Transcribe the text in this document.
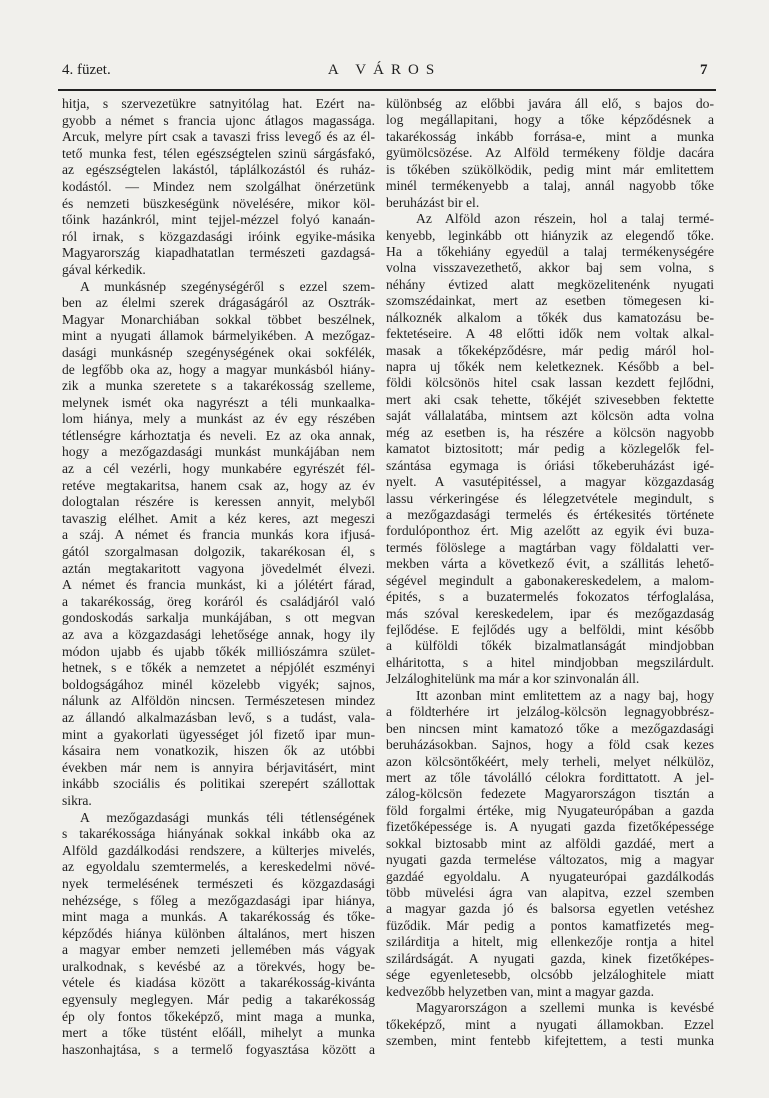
4. füzet.	A VÁROS	7
hitja, s szervezetükre satnyitólag hat. Ezért na-
gyobb a német s francia ujonc átlagos magassága.
Arcuk, melyre pírt csak a tavaszi friss levegő és az él-
tető munka fest, télen egészségtelen szinü sárgásfakó,
az egészségtelen lakástól, táplálkozástól és ruház-
kodástól. — Mindez nem szolgálhat önérzetünk
és nemzeti büszkeségünk növelésére, mikor köl-
tőink hazánkról, mint tejjel-mézzel folyó kanaán-
ról irnak, s közgazdasági iróink egyike-másika
Magyarország kiapadhatatlan természeti gazdagsá-
gával kérkedik.
A munkásnép szegénységéről s ezzel szem-
ben az élelmi szerek drágaságáról az Osztrák-
Magyar Monarchiában sokkal többet beszélnek,
mint a nyugati államok bármelyikében. A mezőgaz-
dasági munkásnép szegénységének okai sokfélék,
de legfőbb oka az, hogy a magyar munkásból hiány-
zik a munka szeretete s a takarékosság szelleme,
melynek ismét oka nagyrészt a téli munkaalka-
lom hiánya, mely a munkást az év egy részében
tétlenségre kárhoztatja és neveli. Ez az oka annak,
hogy a mezőgazdasági munkást munkájában nem
az a cél vezérli, hogy munkabére egyrészét fél-
retéve megtakaritsa, hanem csak az, hogy az év
dologtalan részére is keressen annyit, melyből
tavaszig elélhet. Amit a kéz keres, azt megeszi
a száj. A német és francia munkás kora ifjusá-
gától szorgalmasan dolgozik, takarékosan él, s
aztán megtakaritott vagyona jövedelmét élvezi.
A német és francia munkást, ki a jólétért fárad,
a takarékosság, öreg koráról és családjáról való
gondoskodás sarkalja munkájában, s ott megvan
az ava a közgazdasági lehetősége annak, hogy ily
módon ujabb és ujabb tőkék milliószámra szület-
hetnek, s e tőkék a nemzetet a népjólét eszményi
boldogságához minél közelebb vigyék; sajnos,
nálunk az Alföldön nincsen. Természetesen mindez
az állandó alkalmazásban levő, s a tudást, vala-
mint a gyakorlati ügyességet jól fizető ipar mun-
kásaira nem vonatkozik, hiszen ők az utóbbi
években már nem is annyira bérjavitásért, mint
inkább szociális és politikai szerepért szállottak
sikra.
A mezőgazdasági munkás téli tétlenségének
s takarékossága hiányának sokkal inkább oka az
Alföld gazdálkodási rendszere, a külterjes mivelés,
az egyoldalu szemtermelés, a kereskedelmi növé-
nyek termelésének természeti és közgazdasági
nehézsége, s főleg a mezőgazdasági ipar hiánya,
mint maga a munkás. A takarékosság és tőke-
képződés hiánya különben általános, mert hiszen
a magyar ember nemzeti jellemében más vágyak
uralkodnak, s kevésbé az a törekvés, hogy be-
vétele és kiadása között a takarékosság-kivánta
egyensuly meglegyen. Már pedig a takarékosság
ép oly fontos tőkeképző, mint maga a munka,
mert a tőke tüstént előáll, mihelyt a munka
haszonhajtása, s a termelő fogyasztása között a
különbség az előbbi javára áll elő, s bajos do-
log megállapitani, hogy a tőke képződésnek a
takarékosság inkább forrása-e, mint a munka
gyümölcsözése. Az Alföld termékeny földje dacára
is tőkében szükölködik, pedig mint már emlitettem
minél termékenyebb a talaj, annál nagyobb tőke
beruházást bir el.
Az Alföld azon részein, hol a talaj termé-
kenyebb, leginkább ott hiányzik az elegendő tőke.
Ha a tőkehiány egyedül a talaj termékenységére
volna visszavezethető, akkor baj sem volna, s
néhány évtized alatt megközelitenénk nyugati
szomszédainkat, mert az esetben tömegesen ki-
nálkoznék alkalom a tőkék dus kamatozásu be-
fektetéseire. A 48 előtti idők nem voltak alkal-
masak a tőkeképződésre, már pedig máról hol-
napra uj tőkék nem keletkeznek. Később a bel-
földi kölcsönös hitel csak lassan kezdett fejlődni,
mert aki csak tehette, tőkéjét szivesebben fektette
saját vállalatába, mintsem azt kölcsön adta volna
még az esetben is, ha részére a kölcsön nagyobb
kamatot biztositott; már pedig a közlegelők fel-
szántása egymaga is óriási tőkeberuházást igé-
nyelt. A vasutépitéssel, a magyar közgazdaság
lassu vérkeringése és lélegzetvétele megindult, s
a mezőgazdasági termelés és értékesités története
fordulóponthoz ért. Mig azelőtt az egyik évi buza-
termés fölöslege a magtárban vagy földalatti ver-
mekben várta a következő évit, a szállitás lehető-
ségével megindult a gabonakereskedelem, a malom-
épités, s a buzatermelés fokozatos térfoglalása,
más szóval kereskedelem, ipar és mezőgazdaság
fejlődése. E fejlődés ugy a belföldi, mint később
a külföldi tőkék bizalmatlanságát mindjobban
elháritotta, s a hitel mindjobban megszilárdult.
Jelzáloghitelünk ma már a kor szinvonalán áll.
Itt azonban mint emlitettem az a nagy baj, hogy
a földterhére irt jelzálog-kölcsön legnagyobbrész-
ben nincsen mint kamatozó tőke a mezőgazdasági
beruházásokban. Sajnos, hogy a föld csak kezes
azon kölcsöntőkéért, mely terheli, melyet nélkülöz,
mert az tőle távolálló célokra fordittatott. A jel-
zálog-kölcsön fedezete Magyarországon tisztán a
föld forgalmi értéke, mig Nyugateurópában a gazda
fizetőképessége is. A nyugati gazda fizetőképessége
sokkal biztosabb mint az alföldi gazdáé, mert a
nyugati gazda termelése változatos, mig a magyar
gazdáé egyoldalu. A nyugateurópai gazdálkodás
több müvelési ágra van alapitva, ezzel szemben
a magyar gazda jó és balsorsa egyetlen vetéshez
füződik. Már pedig a pontos kamatfizetés meg-
szilárditja a hitelt, mig ellenkezője rontja a hitel
szilárdságát. A nyugati gazda, kinek fizetőképes-
sége egyenletesebb, olcsóbb jelzáloghitele miatt
kedvezőbb helyzetben van, mint a magyar gazda.
Magyarországon a szellemi munka is kevésbé
tőkeképző, mint a nyugati államokban. Ezzel
szemben, mint fentebb kifejtettem, a testi munka
